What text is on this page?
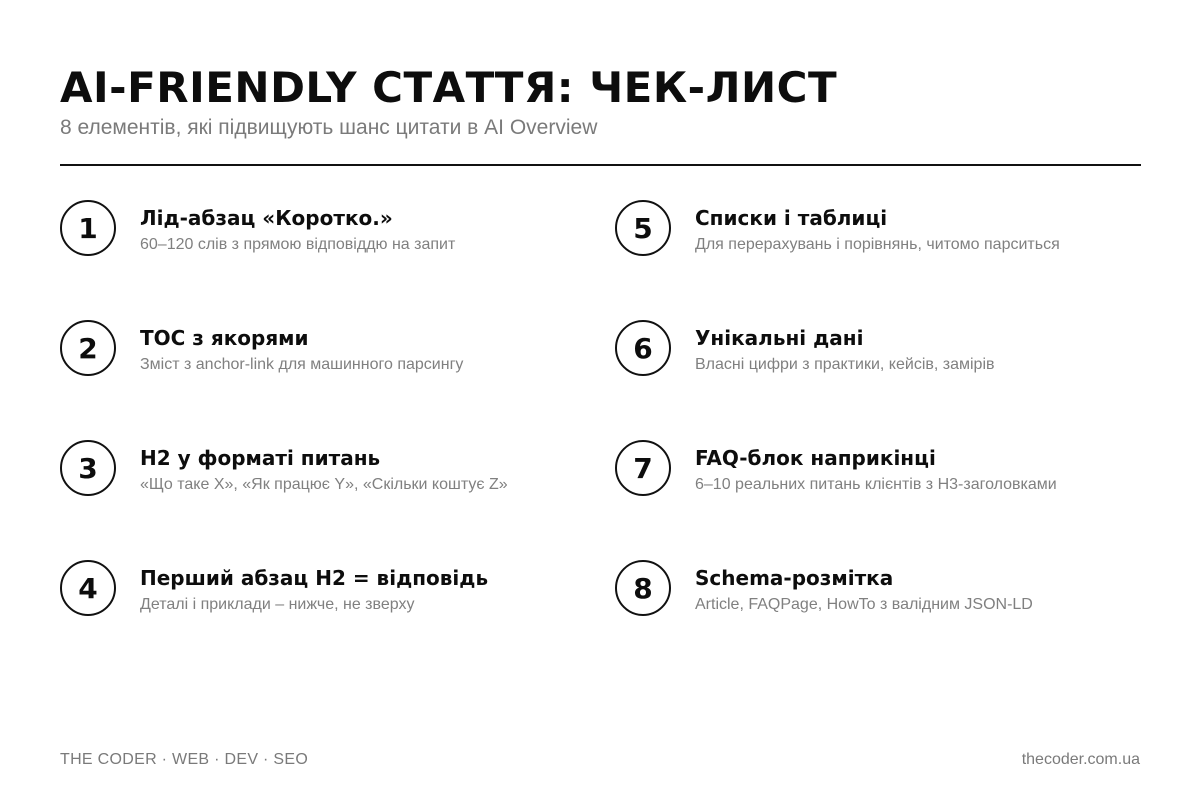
AI-FRIENDLY СТАТТЯ: ЧЕК-ЛИСТ
8 елементів, які підвищують шанс цитати в AI Overview
1	Лід-абзац «Коротко.»
60–120 слів з прямою відповіддю на запит
2	TOC з якорями
Зміст з anchor-link для машинного парсингу
3	H2 у форматі питань
«Що таке X», «Як працює Y», «Скільки коштує Z»
4	Перший абзац H2 = відповідь
Деталі і приклади – нижче, не зверху
5	Списки і таблиці
Для перерахувань і порівнянь, читомо парситься
6	Унікальні дані
Власні цифри з практики, кейсів, замірів
7	FAQ-блок наприкінці
6–10 реальних питань клієнтів з H3-заголовками
8	Schema-розмітка
Article, FAQPage, HowTo з валідним JSON-LD
THE CODER · WEB · DEV · SEO	thecoder.com.ua
